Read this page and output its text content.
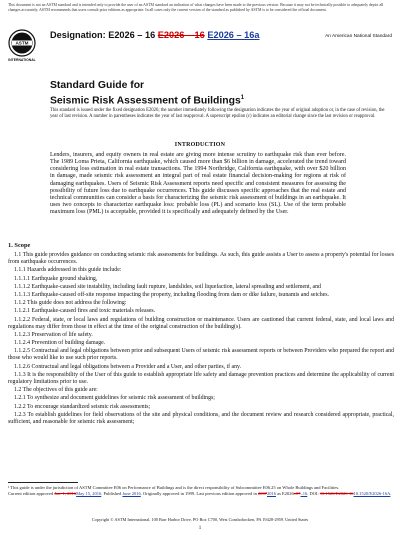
This document is not an ASTM standard and is intended only to provide the user of an ASTM standard an indication of what changes have been made to the previous version. Because it may not be technically possible to adequately depict all changes accurately, ASTM recommends that users consult prior editions as appropriate. In all cases only the current version of the standard as published by ASTM is to be considered the official document.
ASTM
INTERNATIONAL
Designation: E2026 – 16 E2026 – 16 E2026 – 16a	An American National Standard
Standard Guide for
Seismic Risk Assessment of Buildings$^1$
This standard is issued under the fixed designation E2026; the number immediately following the designation indicates the year of original adoption or, in the case of revision, the year of last revision. A number in parentheses indicates the year of last reapproval. A superscript epsilon (ε) indicates an editorial change since the last revision or reapproval.
INTRODUCTION
Lenders, insurers, and equity owners in real estate are giving more intense scrutiny to earthquake risk than ever before. The 1989 Loma Prieta, California earthquake, which caused more than $6 billion in damage, accelerated the trend toward considering loss estimation in real estate transactions. The 1994 Northridge, California earthquake, with over $20 billion in damage, made seismic risk assessment an integral part of real estate financial decision-making for regions at risk of damaging earthquakes. Users of Seismic Risk Assessment reports need specific and consistent measures for assessing the possibility of future loss due to earthquake occurrences. This guide discusses specific approaches that the real estate and technical communities can consider a basis for characterizing the seismic risk assessment of buildings in an earthquake. It uses two concepts to characterize earthquake loss: probable loss (PL) and scenario loss (SL). Use of the term probable maximum loss (PML) is acceptable, provided it is specifically and adequately defined by the User.
1. Scope

1.1 This guide provides guidance on conducting seismic risk assessments for buildings. As such, this guide assists a User to assess a property's potential for losses from earthquake occurrences.

1.1.1 Hazards addressed in this guide include:

1.1.1.1 Earthquake ground shaking,

1.1.1.2 Earthquake-caused site instability, including fault rupture, landslides, soil liquefaction, lateral spreading and settlement, and

1.1.1.3 Earthquake-caused off-site response impacting the property, including flooding from dam or dike failure, tsunamis and seiches.

1.1.2 This guide does not address the following:

1.1.2.1 Earthquake-caused fires and toxic materials releases.

1.1.2.2 Federal, state, or local laws and regulations of building construction or maintenance. Users are cautioned that current federal, state, and local laws and regulations may differ from those in effect at the time of the original construction of the building(s).

1.1.2.3 Preservation of life safety.

1.1.2.4 Prevention of building damage.

1.1.2.5 Contractual and legal obligations between prior and subsequent Users of seismic risk assessment reports or between Providers who prepared the report and those who would like to use such prior reports.

1.1.2.6 Contractual and legal obligations between a Provider and a User, and other parties, if any.

1.1.3 It is the responsibility of the User of this guide to establish appropriate life safety and damage prevention practices and determine the applicability of current regulatory limitations prior to use.

1.2 The objectives of this guide are:

1.2.1 To synthesize and document guidelines for seismic risk assessment of buildings;

1.2.2 To encourage standardized seismic risk assessments;

1.2.3 To establish guidelines for field observations of the site and physical conditions, and the document review and research considered appropriate, practical, sufficient, and reasonable for seismic risk assessment;

¹ This guide is under the jurisdiction of ASTM Committee E06 on Performance of Buildings and is the direct responsibility of Subcommittee E06.25 on Whole Buildings and Facilities.
Current edition approved Jan. 1, 2016May 15, 2016. Published June 2016. Originally approved in 1999. Last previous edition approved in 20072016 as E2026–07–16. DOI: 10.1520/E2026-1610.1520/E2026-16A.
Copyright © ASTM International, 100 Barr Harbor Drive, PO Box C700, West Conshohocken, PA 19428-2959. United States
1
